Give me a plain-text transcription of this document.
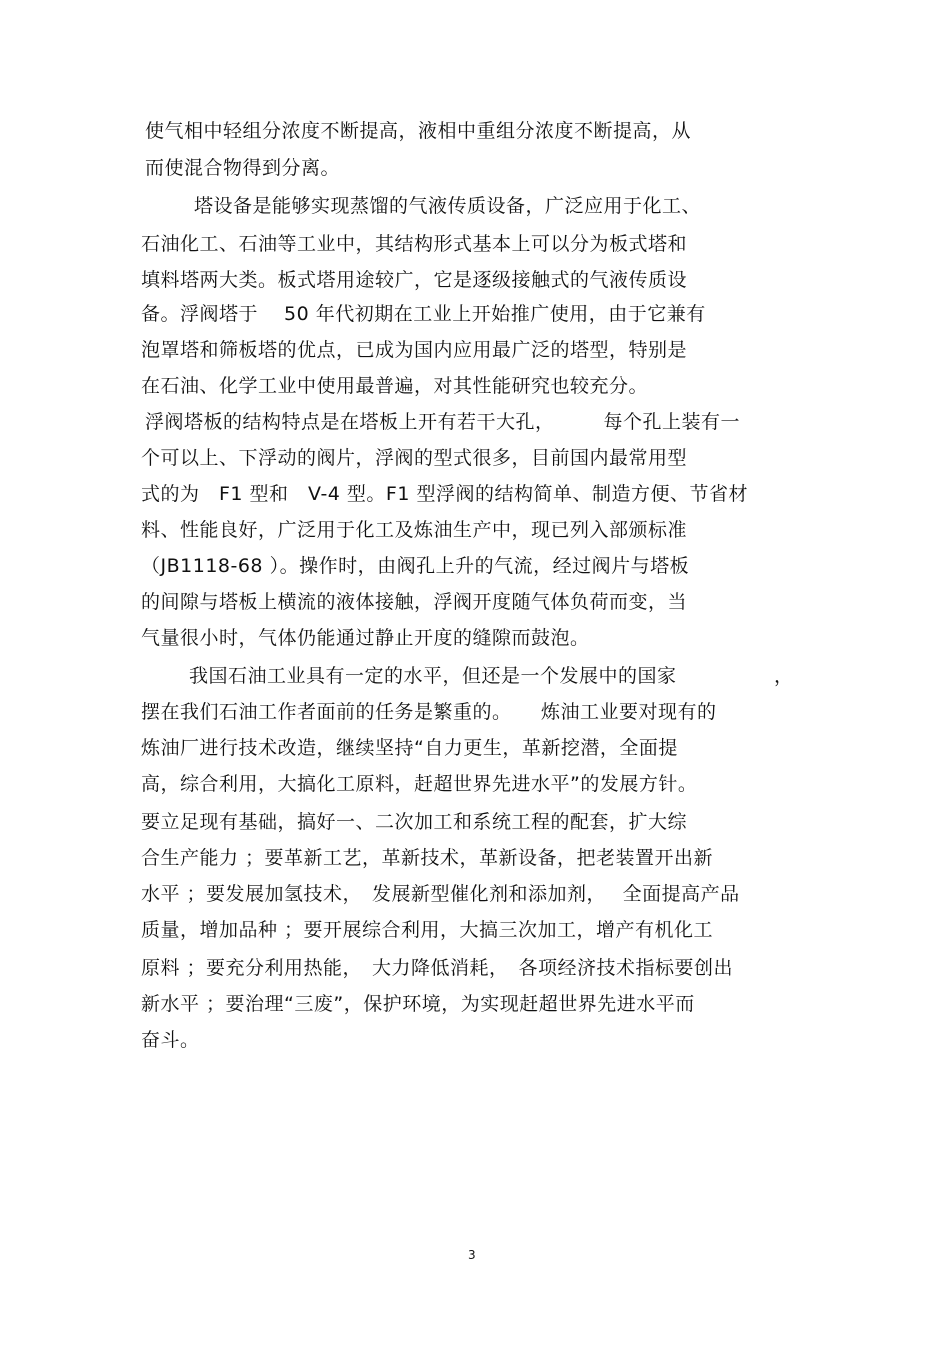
使气相中轻组分浓度不断提高，液相中重组分浓度不断提高，从
而使混合物得到分离。
塔设备是能够实现蒸馏的气液传质设备，广泛应用于化工、
石油化工、石油等工业中，其结构形式基本上可以分为板式塔和
填料塔两大类。板式塔用途较广，它是逐级接触式的气液传质设
备。浮阀塔于　 50 年代初期在工业上开始推广使用，由于它兼有
泡罩塔和筛板塔的优点，已成为国内应用最广泛的塔型，特别是
在石油、化学工业中使用最普遍，对其性能研究也较充分。
浮阀塔板的结构特点是在塔板上开有若干大孔，　　　每个孔上装有一
个可以上、下浮动的阀片，浮阀的型式很多，目前国内最常用型
式的为　F1 型和　V-4 型。F1 型浮阀的结构简单、制造方便、节省材
料、性能良好，广泛用于化工及炼油生产中，现已列入部颁标准
（JB1118-68 ）。操作时，由阀孔上升的气流，经过阀片与塔板
的间隙与塔板上横流的液体接触，浮阀开度随气体负荷而变，当
气量很小时，气体仍能通过静止开度的缝隙而鼓泡。
我国石油工业具有一定的水平，但还是一个发展中的国家　　　　　，
摆在我们石油工作者面前的任务是繁重的。　　炼油工业要对现有的
炼油厂进行技术改造，继续坚持“自力更生，革新挖潜，全面提
高，综合利用，大搞化工原料，赶超世界先进水平”的发展方针。
要立足现有基础，搞好一、二次加工和系统工程的配套，扩大综
合生产能力 ；要革新工艺，革新技术，革新设备，把老装置开出新
水平 ；要发展加氢技术，　发展新型催化剂和添加剂，　 全面提高产品
质量，增加品种 ；要开展综合利用，大搞三次加工，增产有机化工
原料 ；要充分利用热能，　大力降低消耗，　各项经济技术指标要创出
新水平 ；要治理“三废”，保护环境，为实现赶超世界先进水平而
奋斗。
3
